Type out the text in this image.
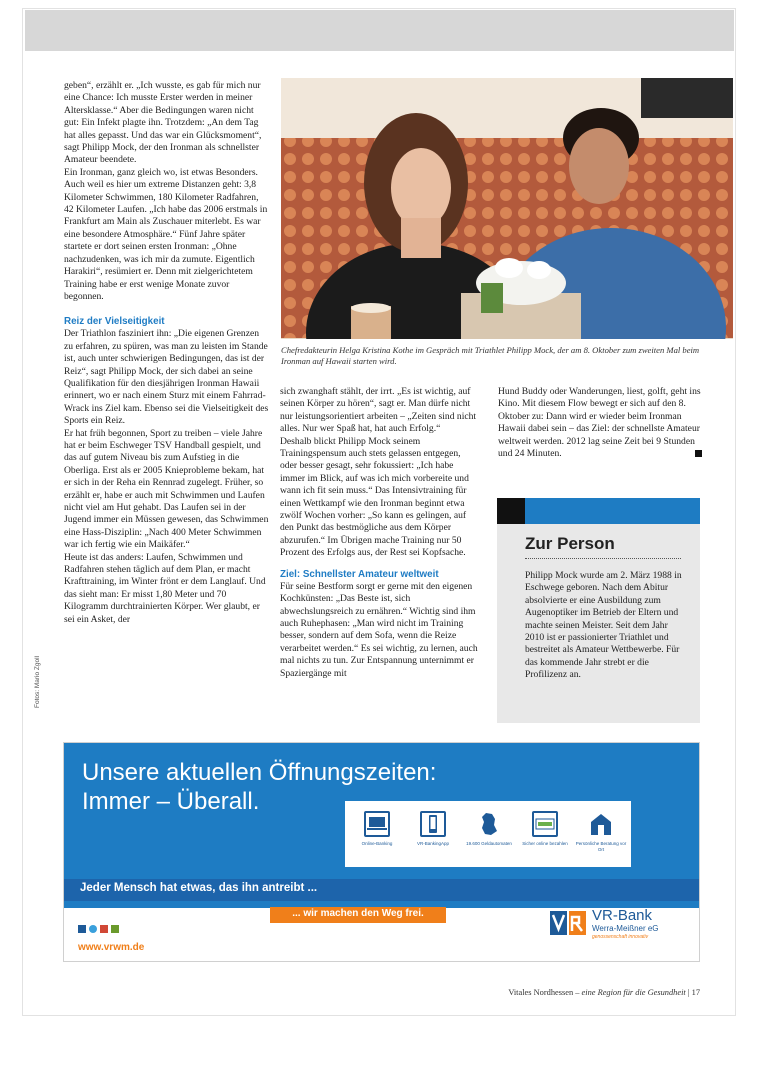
geben“, erzählt er. „Ich wusste, es gab für mich nur eine Chance: Ich musste Erster werden in meiner Altersklasse.“ Aber die Bedingungen waren nicht gut: Ein Infekt plagte ihn. Trotzdem: „An dem Tag hat alles gepasst. Und das war ein Glücksmoment“, sagt Philipp Mock, der den Ironman als schnellster Amateur beendete.

Ein Ironman, ganz gleich wo, ist etwas Besonders. Auch weil es hier um extreme Distanzen geht: 3,8 Kilometer Schwimmen, 180 Kilometer Radfahren, 42 Kilometer Laufen. „Ich habe das 2006 erstmals in Frankfurt am Main als Zuschauer miterlebt. Es war eine besondere Atmosphäre.“ Fünf Jahre später startete er dort seinen ersten Ironman: „Ohne nachzudenken, was ich mir da zumute. Eigentlich Harakiri“, resümiert er. Denn mit zielgerichtetem Training habe er erst wenige Monate zuvor begonnen.

Reiz der Vielseitigkeit

Der Triathlon fasziniert ihn: „Die eigenen Grenzen zu erfahren, zu spüren, was man zu leisten im Stande ist, auch unter schwierigen Bedingungen, das ist der Reiz“, sagt Philipp Mock, der sich dabei an seine Qualifikation für den diesjährigen Ironman Hawaii erinnert, wo er nach einem Sturz mit einem Fahrrad-Wrack ins Ziel kam. Ebenso sei die Vielseitigkeit des Sports ein Reiz.

Er hat früh begonnen, Sport zu treiben – viele Jahre hat er beim Eschweger TSV Handball gespielt, und das auf gutem Niveau bis zum Aufstieg in die Oberliga. Erst als er 2005 Knieprobleme bekam, hat er sich in der Reha ein Rennrad zugelegt. Früher, so erzählt er, habe er auch mit Schwimmen und Laufen nicht viel am Hut gehabt. Das Laufen sei in der Jugend immer ein Müssen gewesen, das Schwimmen eine Hass-Disziplin: „Nach 400 Meter Schwimmen war ich fertig wie ein Maikäfer.“

Heute ist das anders: Laufen, Schwimmen und Radfahren stehen täglich auf dem Plan, er macht Krafttraining, im Winter frönt er dem Langlauf. Und das sieht man: Er misst 1,80 Meter und 70 Kilogramm durchtrainierten Körper. Wer glaubt, er sei ein Asket, der

Chefredakteurin Helga Kristina Kothe im Gespräch mit Triathlet Philipp Mock, der am 8. Oktober zum zweiten Mal beim Ironman auf Hawaii starten wird.
Fotos: Mario Zgoll

sich zwanghaft stählt, der irrt. „Es ist wichtig, auf seinen Körper zu hören“, sagt er. Man dürfe nicht nur leistungsorientiert arbeiten – „Zeiten sind nicht alles. Nur wer Spaß hat, hat auch Erfolg.“

Deshalb blickt Philipp Mock seinem Trainingspensum auch stets gelassen entgegen, oder besser gesagt, sehr fokussiert: „Ich habe immer im Blick, auf was ich mich vorbereite und wann ich fit sein muss.“ Das Intensivtraining für einen Wettkampf wie den Ironman beginnt etwa zwölf Wochen vorher: „So kann es gelingen, auf den Punkt das bestmögliche aus dem Körper abzurufen.“ Im Übrigen mache Training nur 50 Prozent des Erfolgs aus, der Rest sei Kopfsache.

Ziel: Schnellster Amateur weltweit

Für seine Bestform sorgt er gerne mit den eigenen Kochkünsten: „Das Beste ist, sich abwechslungsreich zu ernähren.“ Wichtig sind ihm auch Ruhephasen: „Man wird nicht im Training besser, sondern auf dem Sofa, wenn die Reize verarbeitet werden.“ Es sei wichtig, zu lernen, auch mal nichts zu tun. Zur Entspannung unternimmt er Spaziergänge mit

Hund Buddy oder Wanderungen, liest, golft, geht ins Kino. Mit diesem Flow bewegt er sich auf den 8. Oktober zu: Dann wird er wieder beim Ironman Hawaii dabei sein – das Ziel: der schnellste Amateur weltweit werden. 2012 lag seine Zeit bei 9 Stunden und 24 Minuten.

Zur Person
Philipp Mock wurde am 2. März 1988 in Eschwege geboren. Nach dem Abitur absolvierte er eine Ausbildung zum Augenoptiker im Betrieb der Eltern und machte seinen Meister. Seit dem Jahr 2010 ist er passionierter Triathlet und bestreitet als Amateur Wettbewerbe. Für das kommende Jahr strebt er die Profilizenz an.
Unsere aktuellen Öffnungszeiten:
Immer – Überall.
Online-Banking	VR-BankingApp	19.600 Geldautomaten	Sicher online bezahlen	Persönliche Beratung vor Ort
Jeder Mensch hat etwas, das ihn antreibt ...
... wir machen den Weg frei.

www.vrwm.de
VR-Bank
Werra-Meißner eG
genossenschaft innovativ
Vitales Nordhessen – eine Region für die Gesundheit | 17
